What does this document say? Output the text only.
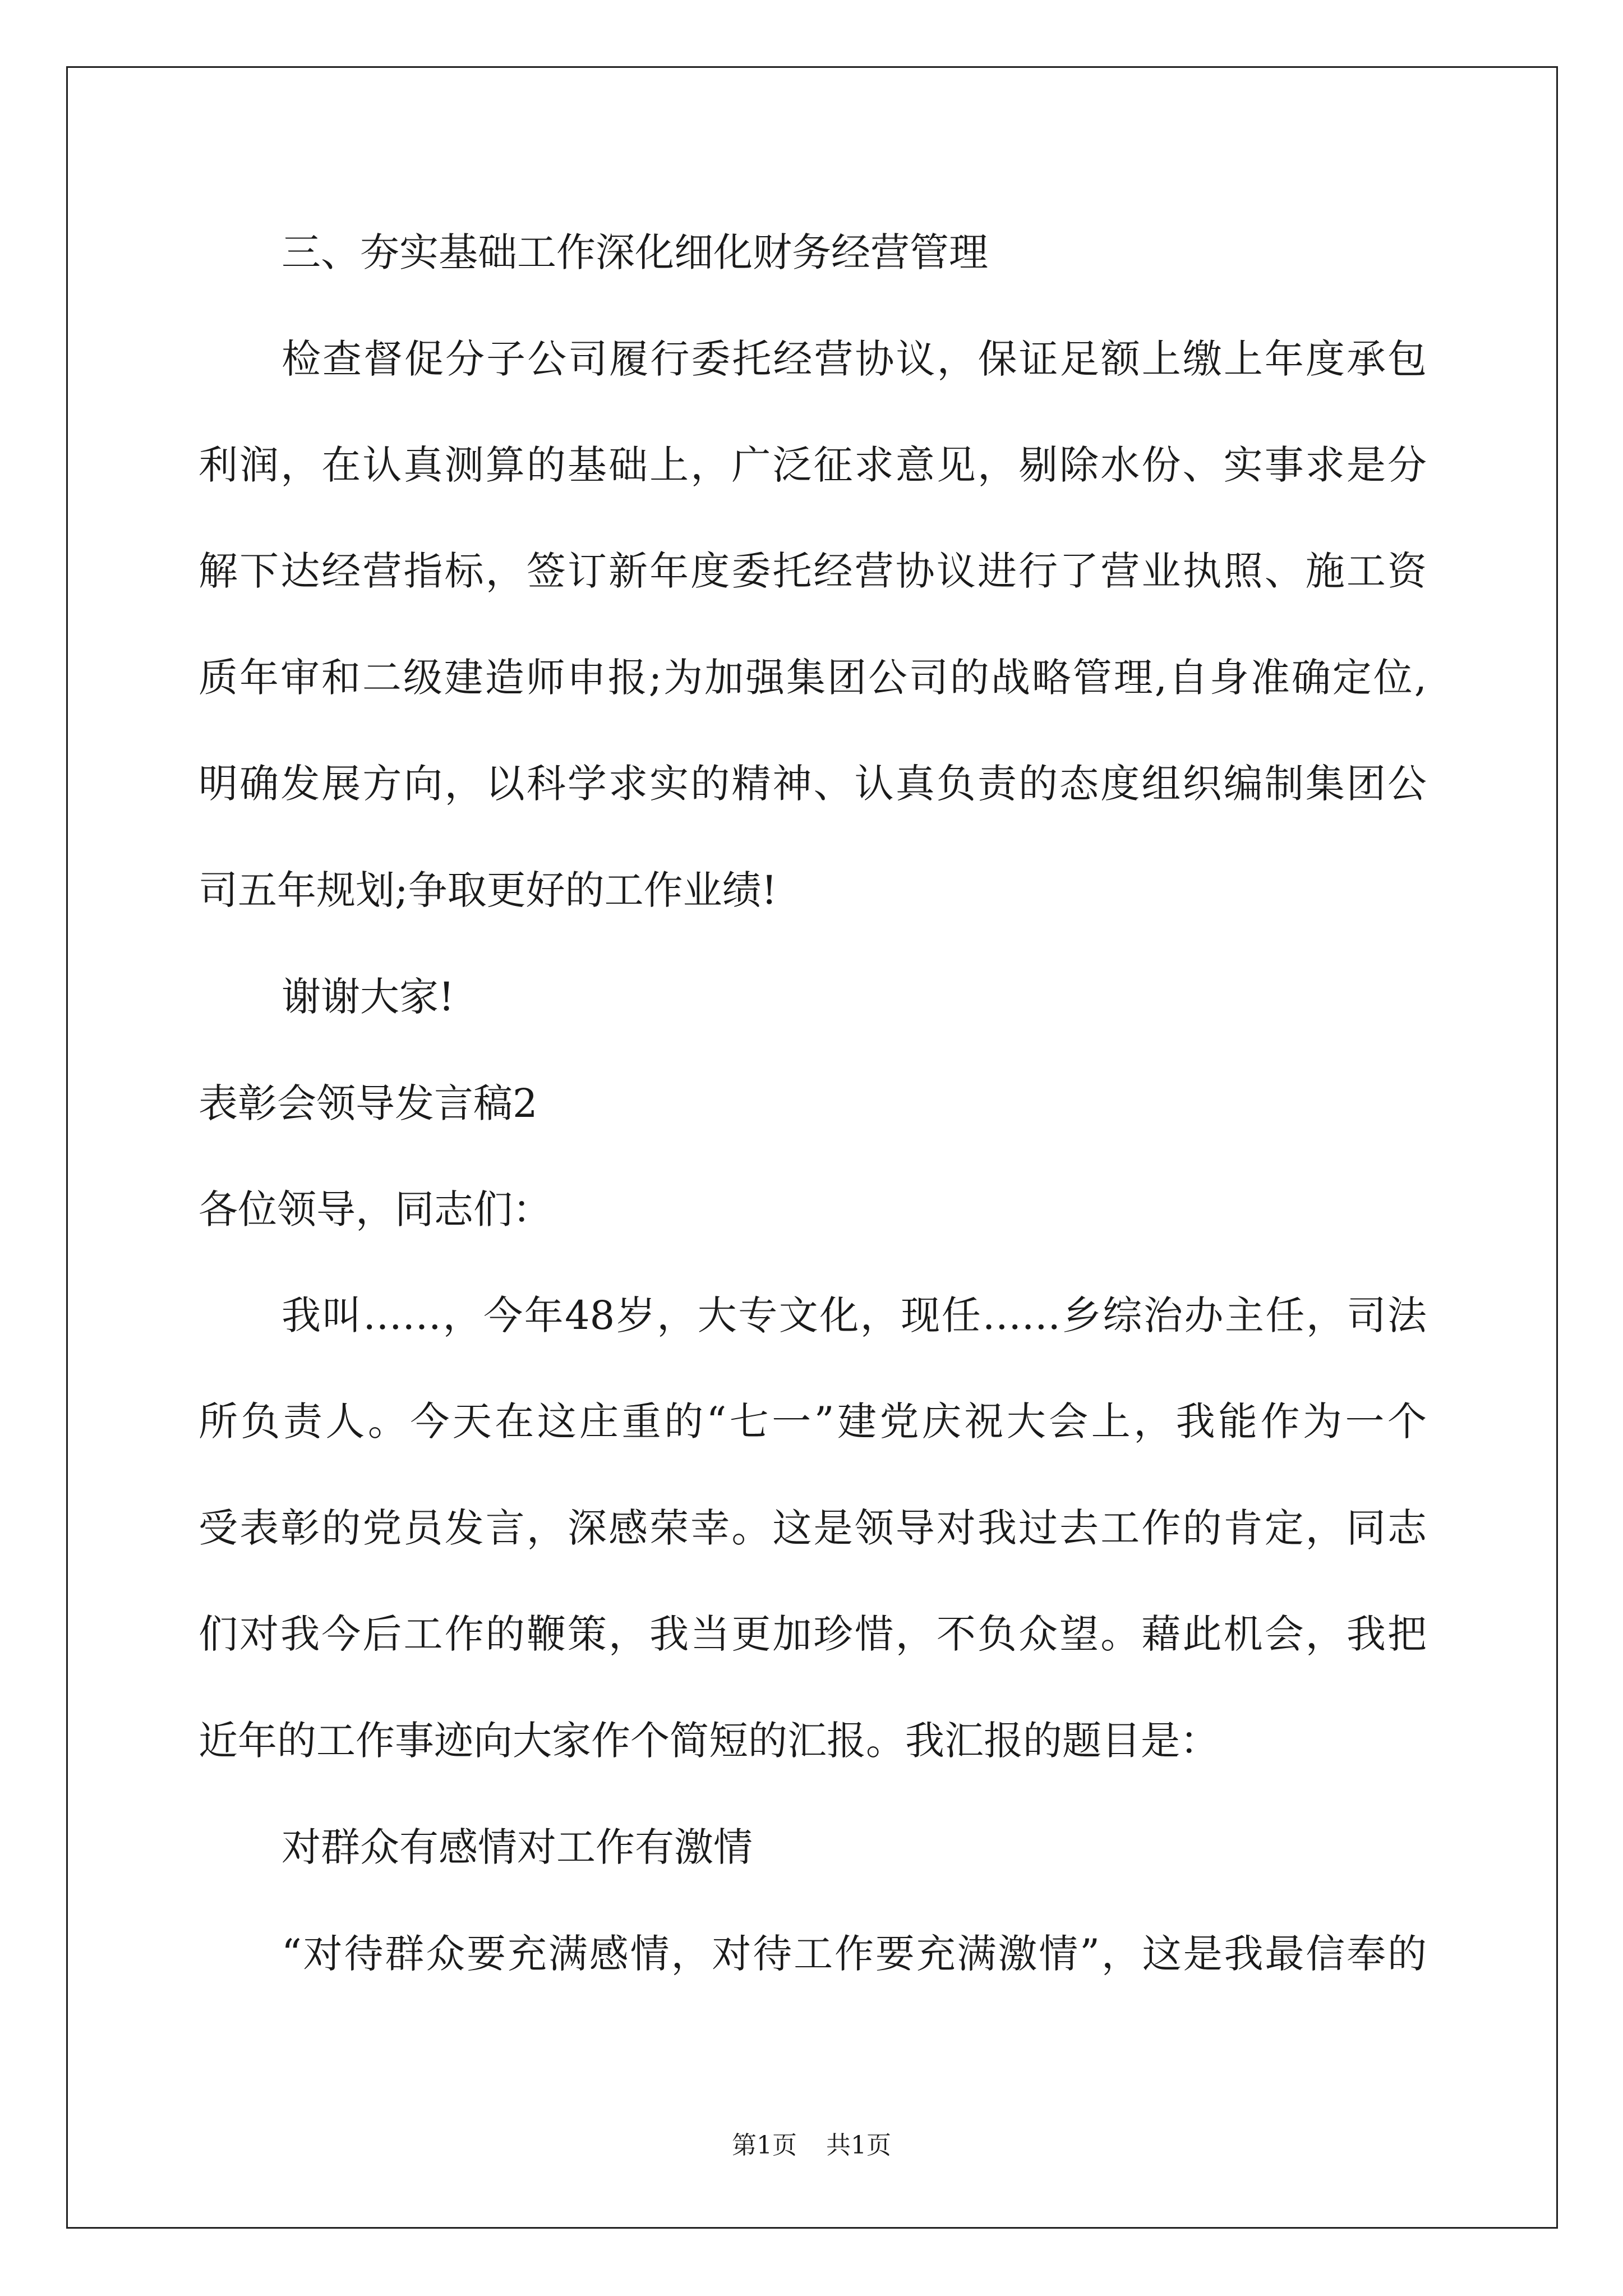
三、夯实基础工作深化细化财务经营管理
检查督促分子公司履行委托经营协议，保证足额上缴上年度承包
利润，在认真测算的基础上，广泛征求意见，剔除水份、实事求是分
解下达经营指标，签订新年度委托经营协议进行了营业执照、施工资
质年审和二级建造师申报;为加强集团公司的战略管理,自身准确定位,
明确发展方向，以科学求实的精神、认真负责的态度组织编制集团公
司五年规划;争取更好的工作业绩!
谢谢大家!
表彰会领导发言稿2
各位领导，同志们：
我叫……，今年48岁，大专文化，现任……乡综治办主任，司法
所负责人。今天在这庄重的“七一”建党庆祝大会上，我能作为一个
受表彰的党员发言，深感荣幸。这是领导对我过去工作的肯定，同志
们对我今后工作的鞭策，我当更加珍惜，不负众望。藉此机会，我把
近年的工作事迹向大家作个简短的汇报。我汇报的题目是：
对群众有感情对工作有激情
“对待群众要充满感情，对待工作要充满激情”，这是我最信奉的
第1页 共1页
